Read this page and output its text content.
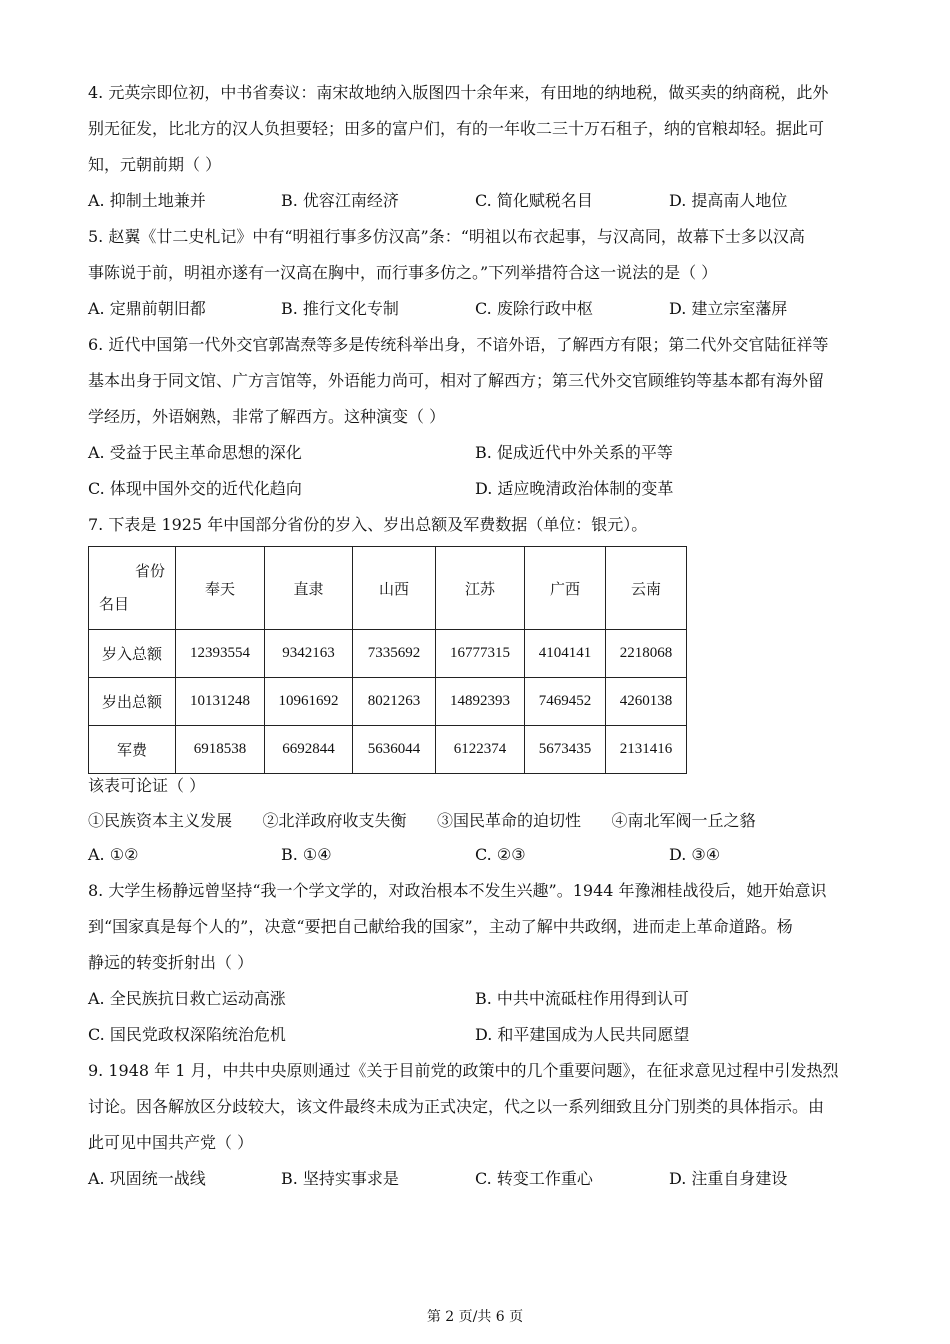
4. 元英宗即位初，中书省奏议：南宋故地纳入版图四十余年来，有田地的纳地税，做买卖的纳商税，此外
别无征发，比北方的汉人负担要轻；田多的富户们，有的一年收二三十万石租子，纳的官粮却轻。据此可
知，元朝前期（ ）
A. 抑制土地兼并	B. 优容江南经济	C. 简化赋税名目	D. 提高南人地位
5. 赵翼《廿二史札记》中有“明祖行事多仿汉高”条：“明祖以布衣起事，与汉高同，故幕下士多以汉高
事陈说于前，明祖亦遂有一汉高在胸中，而行事多仿之。”下列举措符合这一说法的是（ ）
A. 定鼎前朝旧都	B. 推行文化专制	C. 废除行政中枢	D. 建立宗室藩屏
6. 近代中国第一代外交官郭嵩焘等多是传统科举出身，不谙外语，了解西方有限；第二代外交官陆征祥等
基本出身于同文馆、广方言馆等，外语能力尚可，相对了解西方；第三代外交官顾维钧等基本都有海外留
学经历，外语娴熟，非常了解西方。这种演变（ ）
A. 受益于民主革命思想的深化	B. 促成近代中外关系的平等
C. 体现中国外交的近代化趋向	D. 适应晚清政治体制的变革
7. 下表是 1925 年中国部分省份的岁入、岁出总额及军费数据（单位：银元）。
省份
名目	奉天	直隶	山西	江苏	广西	云南
岁入总额	12393554	9342163	7335692	16777315	4104141	2218068
岁出总额	10131248	10961692	8021263	14892393	7469452	4260138
军费	6918538	6692844	5636044	6122374	5673435	2131416
该表可论证（ ）
①民族资本主义发展      ②北洋政府收支失衡      ③国民革命的迫切性      ④南北军阀一丘之貉
A. ①②	B. ①④	C. ②③	D. ③④
8. 大学生杨静远曾坚持“我一个学文学的，对政治根本不发生兴趣”。1944 年豫湘桂战役后，她开始意识
到“国家真是每个人的”，决意“要把自己献给我的国家”，主动了解中共政纲，进而走上革命道路。杨
静远的转变折射出（ ）
A. 全民族抗日救亡运动高涨	B. 中共中流砥柱作用得到认可
C. 国民党政权深陷统治危机	D. 和平建国成为人民共同愿望
9. 1948 年 1 月，中共中央原则通过《关于目前党的政策中的几个重要问题》，在征求意见过程中引发热烈
讨论。因各解放区分歧较大，该文件最终未成为正式决定，代之以一系列细致且分门别类的具体指示。由
此可见中国共产党（ ）
A. 巩固统一战线	B. 坚持实事求是	C. 转变工作重心	D. 注重自身建设
第 2 页/共 6 页
